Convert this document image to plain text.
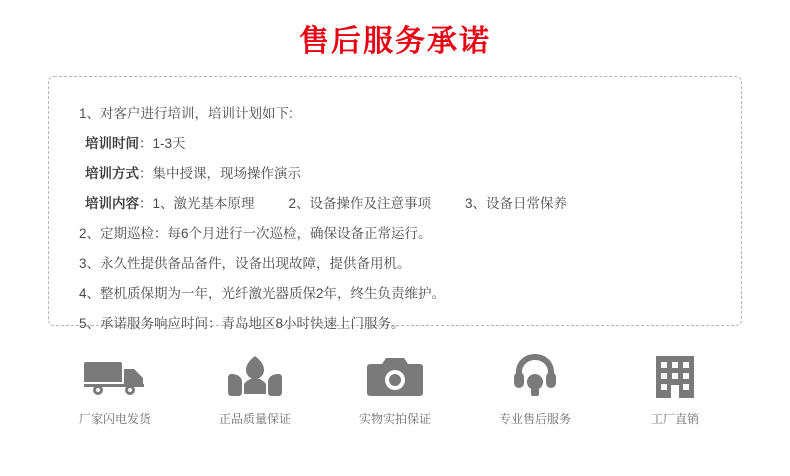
售后服务承诺
1、对客户进行培训，培训计划如下:
培训时间：1-3天
培训方式：集中授课，现场操作演示
培训内容：1、激光基本原理	2、设备操作及注意事项	3、设备日常保养
2、定期巡检：每6个月进行一次巡检，确保设备正常运行。
3、永久性提供备品备件，设备出现故障，提供备用机。
4、整机质保期为一年，光纤激光器质保2年，终生负责维护。
5、承诺服务响应时间：青岛地区8小时快速上门服务。
厂家闪电发货	正品质量保证	实物实拍保证	专业售后服务	工厂直销
